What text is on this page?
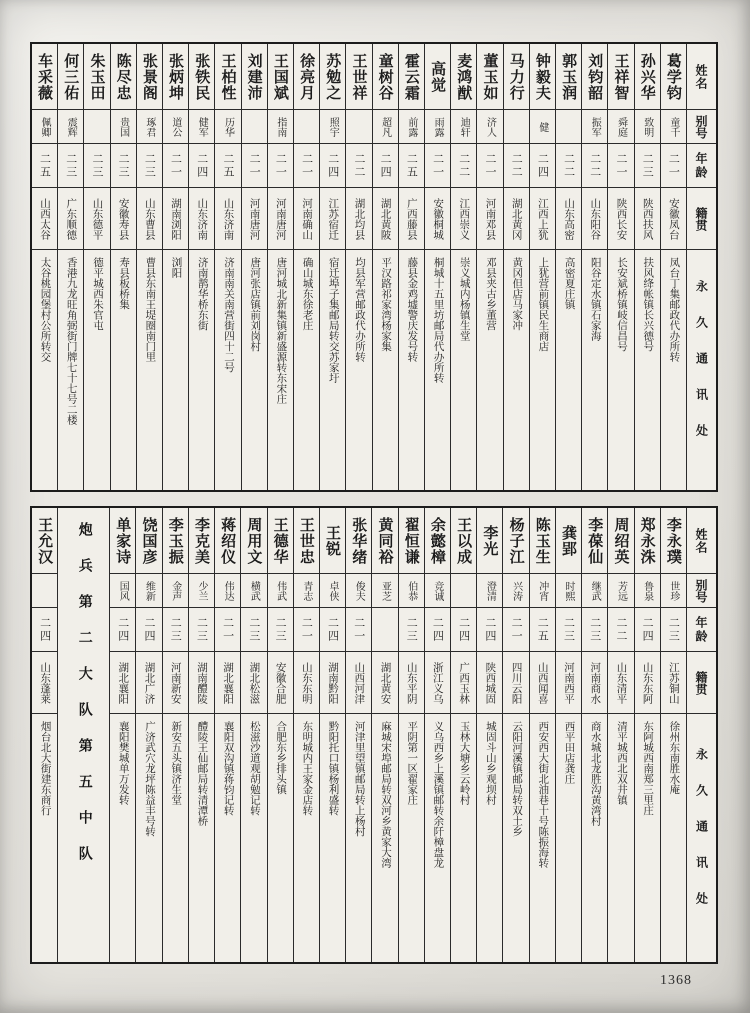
姓名
别号
年龄
籍贯
永久通讯处
葛学钧
童千
二一
安徽凤台
凤台丁集邮政代办所转
孙兴华
致明
二三
陕西扶风
扶风绛帐镇长兴德号
王祥智
舜庭
二一
陕西长安
长安斌桥镇岐信昌号
刘钧韶
振军
二二
山东阳谷
阳谷定水镇石家海
郭玉润
二二
山东高密
高密夏庄镇
钟毅夫
健
二四
江西上犹
上犹营前镇民生商店
马力行
二二
湖北黄冈
黄冈但店马家冲
董玉如
济人
二一
河南邓县
邓县夹古乡董营
麦鸿猷
迪轩
二二
江西崇义
崇义城内杨镇生堂
高觉
雨露
二一
安徽桐城
桐城十五里坊邮局代办所转
霍云霜
前露
二五
广西藤县
藤县金鸡墟警庆发号转
童树谷
超凡
二四
湖北黄陂
平汉路祁家湾杨家集
王世祥
二二
湖北均县
均县军营邮政代办所转
苏勉之
照宇
二四
江苏宿迁
宿迁埠子集邮局转交苏家圩
徐亮月
二一
河南确山
确山城东徐老庄
王国斌
指南
二一
河南唐河
唐河城北新集镇新盛源转东宋庄
刘建沛
二一
河南唐河
唐河张店镇前刘岗村
王柏性
历华
二五
山东济南
济南南关南营街四十二号
张铁民
健军
二四
山东济南
济南鹊华桥东街
张炳坤
道公
二一
湖南浏阳
浏阳
张景阁
琢君
二三
山东曹县
曹县东南王堤圈南门里
陈尽忠
贵国
二三
安徽寿县
寿县板桥集
朱玉田
二三
山东德平
德平城西朱官屯
何三佑
震辉
二三
广东顺德
香港九龙旺角弼街门牌七十七号二楼
车采薇
佩卿
二五
山西太谷
太谷桃园堡村公所转交
姓名
别号
年龄
籍贯
永久通讯处
李永璞
世珍
二三
江苏铜山
徐州东南胜水庵
郑永洙
鲁泉
二四
山东东阿
东阿城西南郑三里庄
周绍英
芳远
二二
山东清平
清平城西北双井镇
李葆仙
继武
二三
河南商水
商水城北龙胜沟黄湾村
龚郢
时熙
二三
河南西平
西平田店龚庄
陈玉生
冲宵
二五
山西闻喜
西安西大街北油巷十号陈振海转
杨子江
兴涛
二一
四川云阳
云阳河溪镇邮局转双土乡
李光
澄清
二四
陕西城固
城固斗山乡观坝村
王以成
二四
广西玉林
玉林大塘乡云岭村
余懿樟
竞诚
二四
浙江义乌
义乌西乡上溪镇邮转余阡樟盘龙
翟恒谦
伯恭
二三
山东平阴
平阴第一区翟家庄
黄同裕
亚芝
湖北黄安
麻城宋埠邮局转双河乡黄家大湾
张华绪
俊夫
二一
山西河津
河津里望镇邮局转上杨村
王锐
卓侠
二四
湖南黔阳
黔阳托口镇杨利盛转
王世忠
青志
二一
山东东明
东明城内王家金店转
王德华
伟武
二三
安徽合肥
合肥东乡排头镇
周用文
横武
二三
湖北松滋
松滋沙道观胡勉记转
蒋绍仪
伟达
二一
湖北襄阳
襄阳双沟镇蒋钧记转
李克美
少兰
二三
湖南醴陵
醴陵王仙邮局转清潭桥
李玉振
金声
二三
河南新安
新安五头镇济生堂
饶国彦
维新
二四
湖北广济
广济武穴龙坪陈益丰号转
单家诗
国风
二四
湖北襄阳
襄阳樊城单万发转
炮兵第二大队第五中队
王允汉
二四
山东蓬莱
烟台北大街建东商行
1368
